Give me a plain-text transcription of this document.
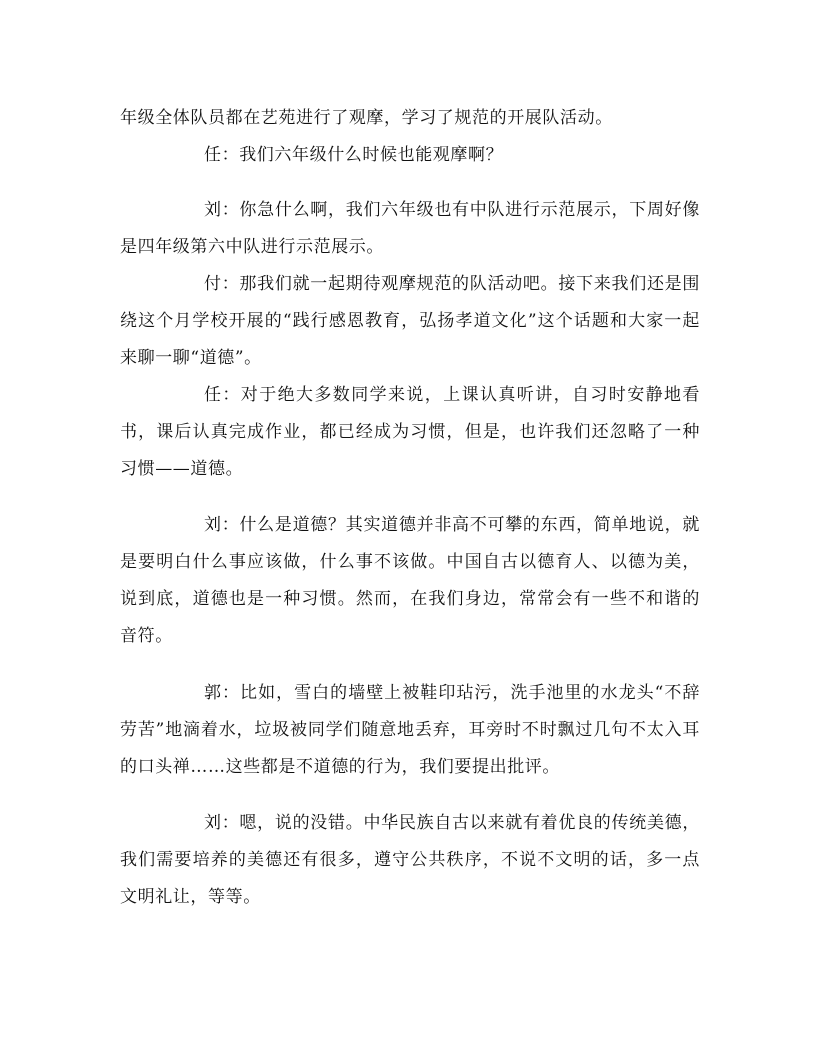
年级全体队员都在艺苑进行了观摩，学习了规范的开展队活动。

任：我们六年级什么时候也能观摩啊？

刘：你急什么啊，我们六年级也有中队进行示范展示，下周好像是四年级第六中队进行示范展示。

付：那我们就一起期待观摩规范的队活动吧。接下来我们还是围绕这个月学校开展的“践行感恩教育，弘扬孝道文化”这个话题和大家一起来聊一聊“道德”。

任：对于绝大多数同学来说，上课认真听讲，自习时安静地看书，课后认真完成作业，都已经成为习惯，但是，也许我们还忽略了一种习惯——道德。

刘：什么是道德？其实道德并非高不可攀的东西，简单地说，就是要明白什么事应该做，什么事不该做。中国自古以德育人、以德为美，说到底，道德也是一种习惯。然而，在我们身边，常常会有一些不和谐的音符。

郭：比如，雪白的墙壁上被鞋印玷污，洗手池里的水龙头“不辞劳苦”地滴着水，垃圾被同学们随意地丢弃，耳旁时不时飘过几句不太入耳的口头禅……这些都是不道德的行为，我们要提出批评。

刘：嗯，说的没错。中华民族自古以来就有着优良的传统美德，我们需要培养的美德还有很多，遵守公共秩序，不说不文明的话，多一点文明礼让，等等。
